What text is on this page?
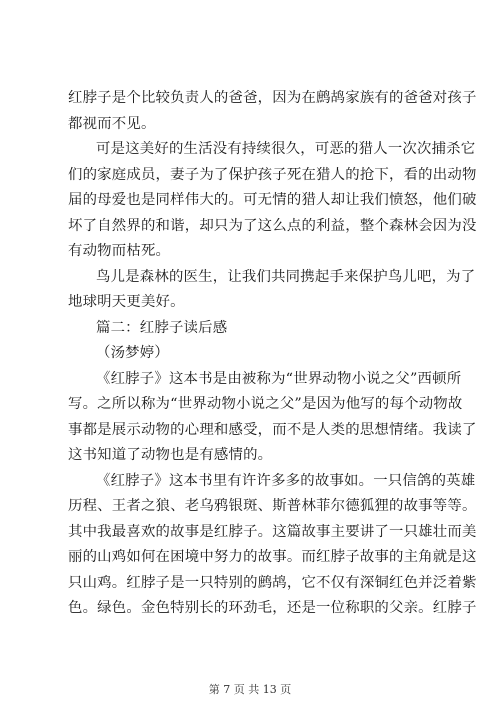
红脖子是个比较负责人的爸爸，因为在鹧鸪家族有的爸爸对孩子
都视而不见。
可是这美好的生活没有持续很久，可恶的猎人一次次捕杀它
们的家庭成员，妻子为了保护孩子死在猎人的抢下，看的出动物
届的母爱也是同样伟大的。可无情的猎人却让我们愤怒，他们破
坏了自然界的和谐，却只为了这么点的利益，整个森林会因为没
有动物而枯死。
鸟儿是森林的医生，让我们共同携起手来保护鸟儿吧，为了
地球明天更美好。
篇二：红脖子读后感
（汤梦婷）
《红脖子》这本书是由被称为“世界动物小说之父”西顿所
写。之所以称为“世界动物小说之父”是因为他写的每个动物故
事都是展示动物的心理和感受，而不是人类的思想情绪。我读了
这书知道了动物也是有感情的。
《红脖子》这本书里有许许多多的故事如。一只信鸽的英雄
历程、王者之狼、老乌鸦银斑、斯普林菲尔德狐狸的故事等等。
其中我最喜欢的故事是红脖子。这篇故事主要讲了一只雄壮而美
丽的山鸡如何在困境中努力的故事。而红脖子故事的主角就是这
只山鸡。红脖子是一只特别的鹧鸪，它不仅有深铜红色并泛着紫
色。绿色。金色特别长的环劲毛，还是一位称职的父亲。红脖子

第 7 页 共 13 页
